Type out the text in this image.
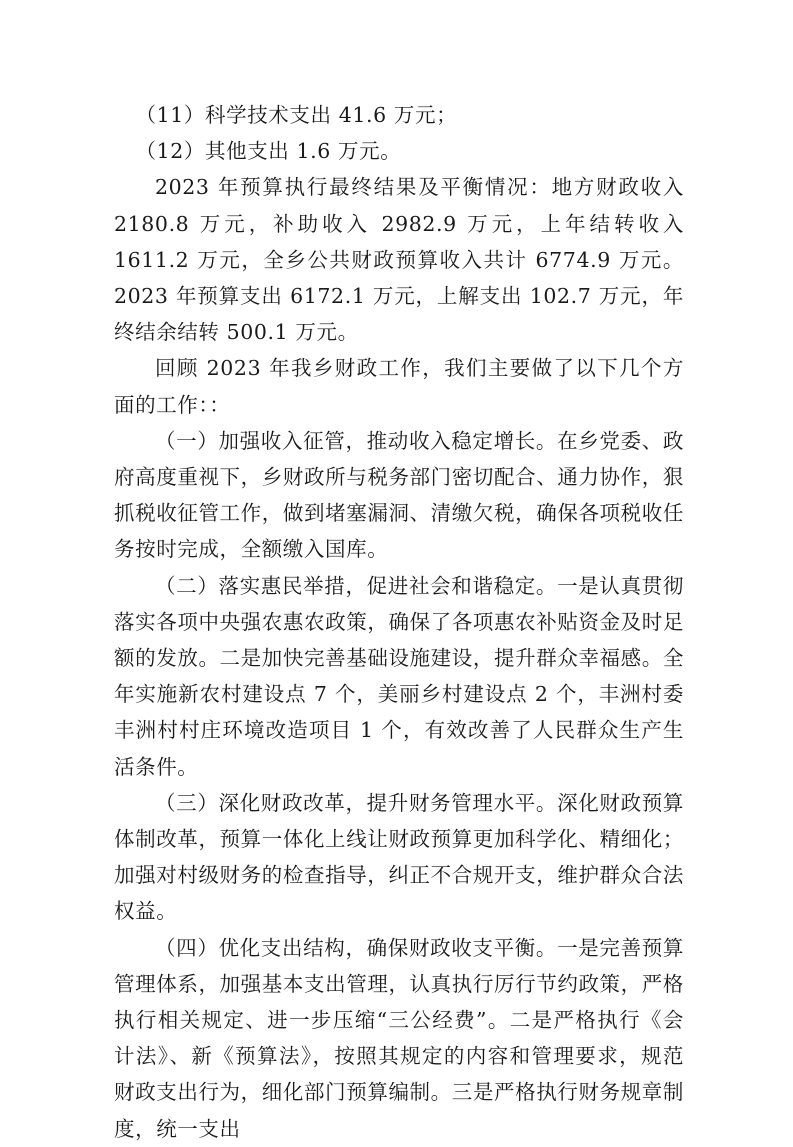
（11）科学技术支出 41.6 万元；

（12）其他支出 1.6 万元。

2023 年预算执行最终结果及平衡情况：地方财政收入 2180.8 万元，补助收入 2982.9 万元，上年结转收入 1611.2 万元，全乡公共财政预算收入共计 6774.9 万元。2023 年预算支出 6172.1 万元，上解支出 102.7 万元，年终结余结转 500.1 万元。

回顾 2023 年我乡财政工作，我们主要做了以下几个方面的工作：：

（一）加强收入征管，推动收入稳定增长。在乡党委、政府高度重视下，乡财政所与税务部门密切配合、通力协作，狠抓税收征管工作，做到堵塞漏洞、清缴欠税，确保各项税收任务按时完成，全额缴入国库。

（二）落实惠民举措，促进社会和谐稳定。一是认真贯彻落实各项中央强农惠农政策，确保了各项惠农补贴资金及时足额的发放。二是加快完善基础设施建设，提升群众幸福感。全年实施新农村建设点 7 个，美丽乡村建设点 2 个，丰洲村委丰洲村村庄环境改造项目 1 个，有效改善了人民群众生产生活条件。

（三）深化财政改革，提升财务管理水平。深化财政预算体制改革，预算一体化上线让财政预算更加科学化、精细化；加强对村级财务的检查指导，纠正不合规开支，维护群众合法权益。

（四）优化支出结构，确保财政收支平衡。一是完善预算管理体系，加强基本支出管理，认真执行厉行节约政策，严格执行相关规定、进一步压缩“三公经费”。二是严格执行《会计法》、新《预算法》，按照其规定的内容和管理要求，规范财政支出行为，细化部门预算编制。三是严格执行财务规章制度，统一支出
